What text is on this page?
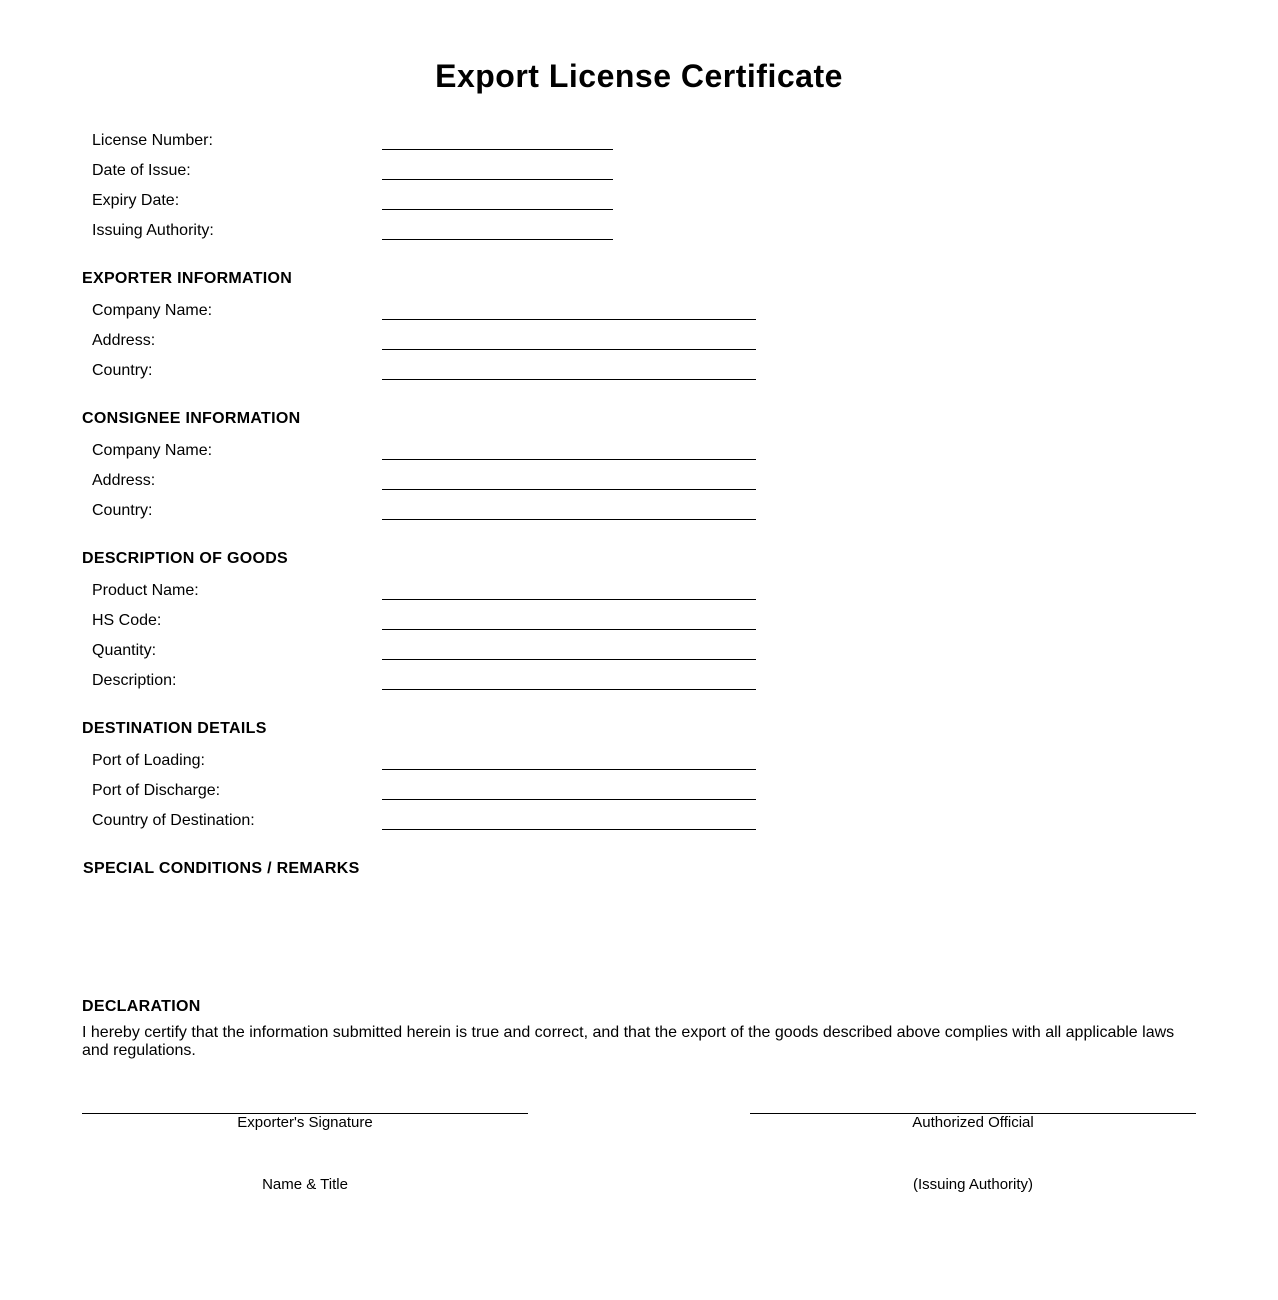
Export License Certificate
License Number:
Date of Issue:
Expiry Date:
Issuing Authority:
EXPORTER INFORMATION
Company Name:
Address:
Country:
CONSIGNEE INFORMATION
Company Name:
Address:
Country:
DESCRIPTION OF GOODS
Product Name:
HS Code:
Quantity:
Description:
DESTINATION DETAILS
Port of Loading:
Port of Discharge:
Country of Destination:
SPECIAL CONDITIONS / REMARKS
DECLARATION
I hereby certify that the information submitted herein is true and correct, and that the export of the goods described above complies with all applicable laws and regulations.
Exporter's Signature
Name & Title
Authorized Official
(Issuing Authority)
